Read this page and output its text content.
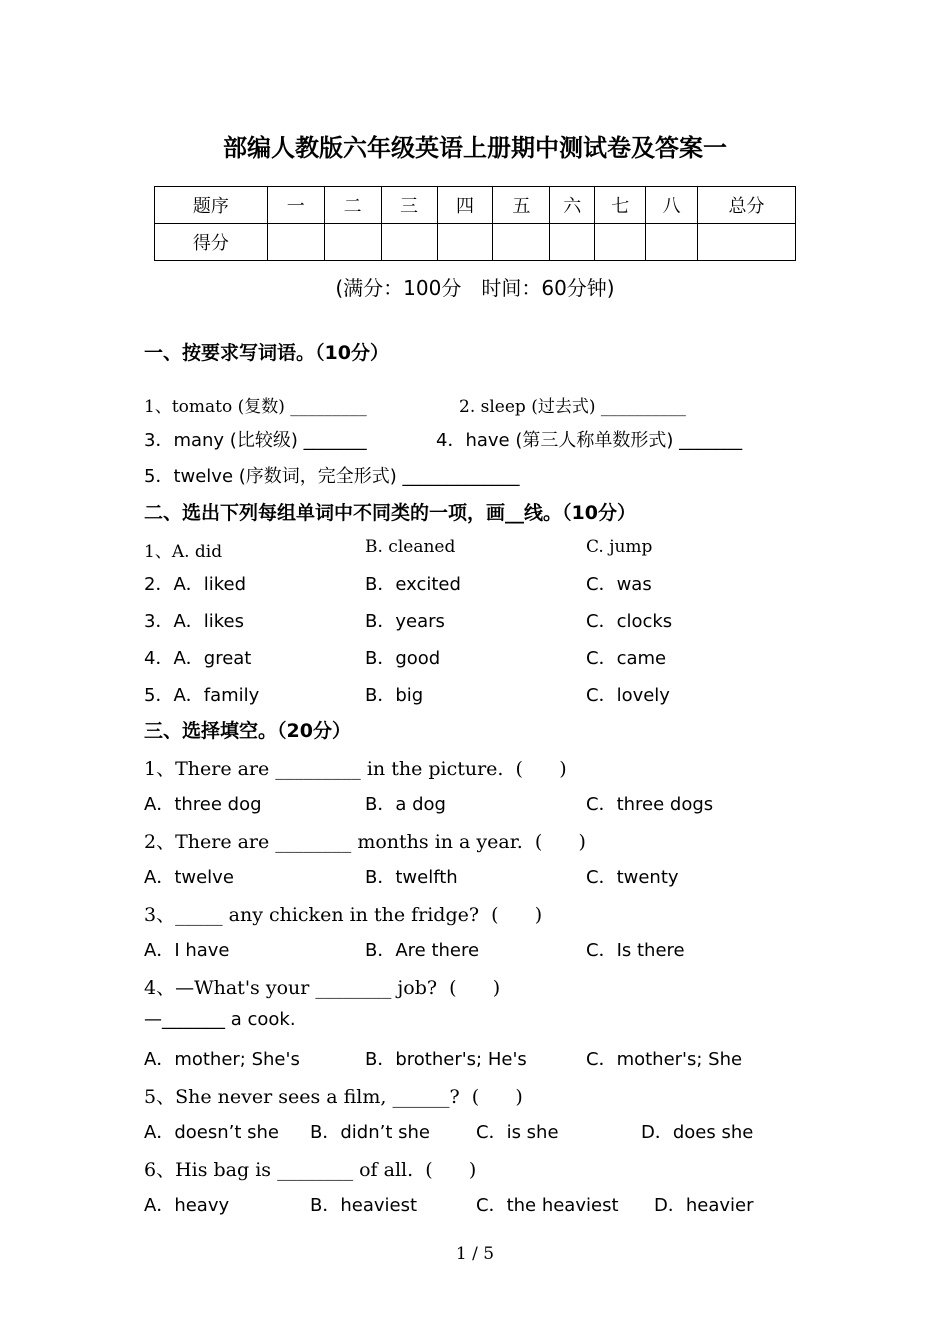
部编人教版六年级英语上册期中测试卷及答案一
题序	一	二	三	四	五	六	七	八	总分
得分									
(满分：100分　时间：60分钟)
一、按要求写词语。（10分）
1、tomato (复数) _________	2. sleep (过去式) __________
3．many (比较级) _______	4．have (第三人称单数形式) _______
5．twelve (序数词，完全形式) _____________
二、选出下列每组单词中不同类的一项，画__线。（10分）
1、A. did	B. cleaned	C. jump
2．A．liked	B．excited	C．was
3．A．likes	B．years	C．clocks
4．A．great	B．good	C．came
5．A．family	B．big	C．lovely
三、选择填空。（20分）
1、There are _________ in the picture.  (      )
A．three dog	B．a dog	C．three dogs
2、There are ________ months in a year.  (      )
A．twelve	B．twelfth	C．twenty
3、_____ any chicken in the fridge?  (      )
A．I have	B．Are there	C．Is there
4、—What's your ________ job?  (      )
—_______ a cook.
A．mother; She's	B．brother's; He's	C．mother's; She
5、She never sees a film, ______?  (      )
A．doesn’t she B．didn’t she	C．is she	D．does she
6、His bag is ________ of all.  (      )
A．heavy	B．heaviest	C．the heaviest D．heavier
1 / 5
